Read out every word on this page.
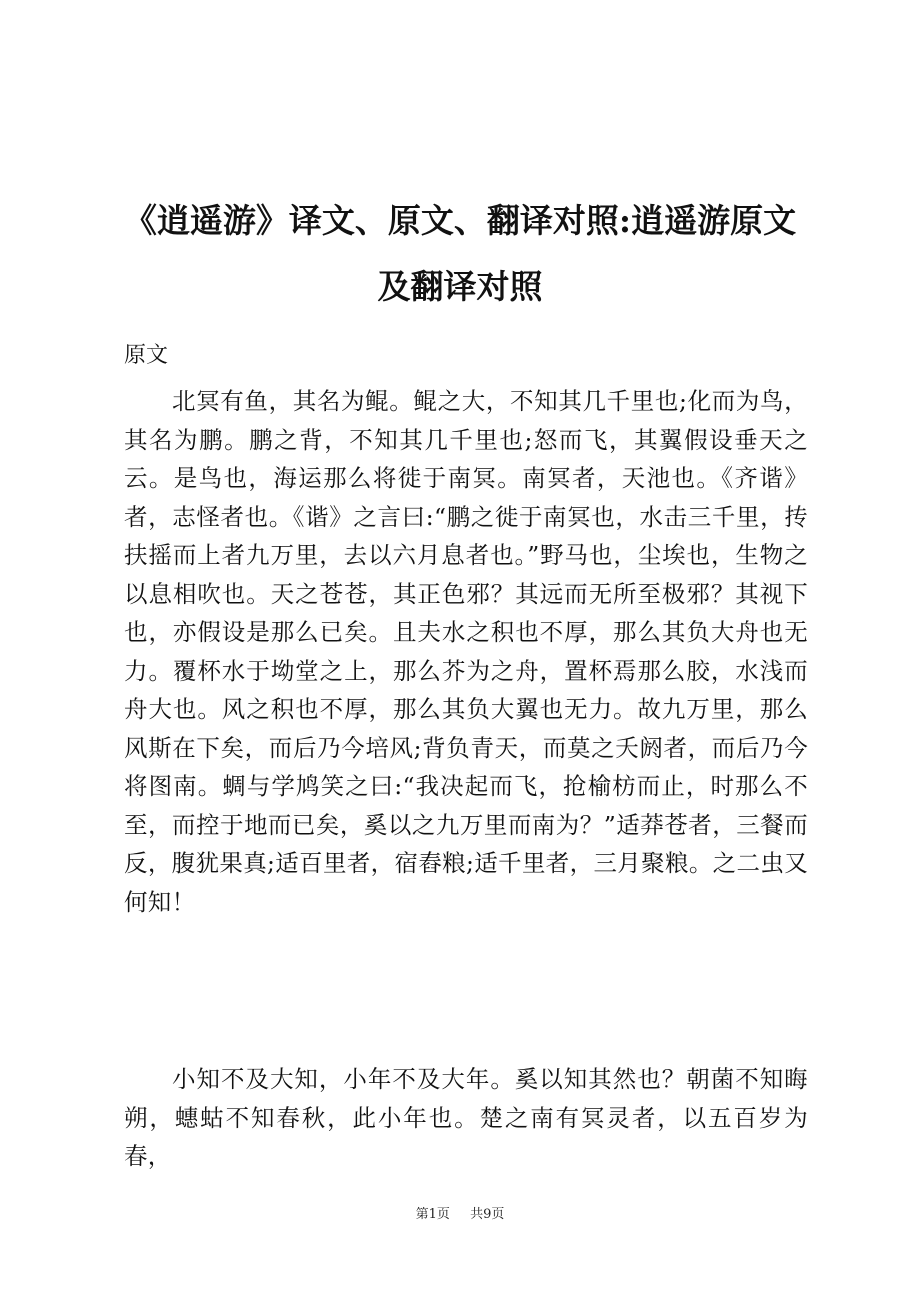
《逍遥游》译文、原文、翻译对照:逍遥游原文及翻译对照

原文

北冥有鱼，其名为鲲。鲲之大，不知其几千里也;化而为鸟，其名为鹏。鹏之背，不知其几千里也;怒而飞，其翼假设垂天之云。是鸟也，海运那么将徙于南冥。南冥者，天池也。《齐谐》者，志怪者也。《谐》之言曰:“鹏之徙于南冥也，水击三千里，抟扶摇而上者九万里，去以六月息者也。”野马也，尘埃也，生物之以息相吹也。天之苍苍，其正色邪？其远而无所至极邪？其视下也，亦假设是那么已矣。且夫水之积也不厚，那么其负大舟也无力。覆杯水于坳堂之上，那么芥为之舟，置杯焉那么胶，水浅而舟大也。风之积也不厚，那么其负大翼也无力。故九万里，那么风斯在下矣，而后乃今培风;背负青天，而莫之夭阏者，而后乃今将图南。蜩与学鸠笑之曰:“我决起而飞，抢榆枋而止，时那么不至，而控于地而已矣，奚以之九万里而南为？”适莽苍者，三餐而反，腹犹果真;适百里者，宿舂粮;适千里者，三月聚粮。之二虫又何知！

小知不及大知，小年不及大年。奚以知其然也？朝菌不知晦朔，蟪蛄不知春秋，此小年也。楚之南有冥灵者，以五百岁为春，

第1页 共9页
